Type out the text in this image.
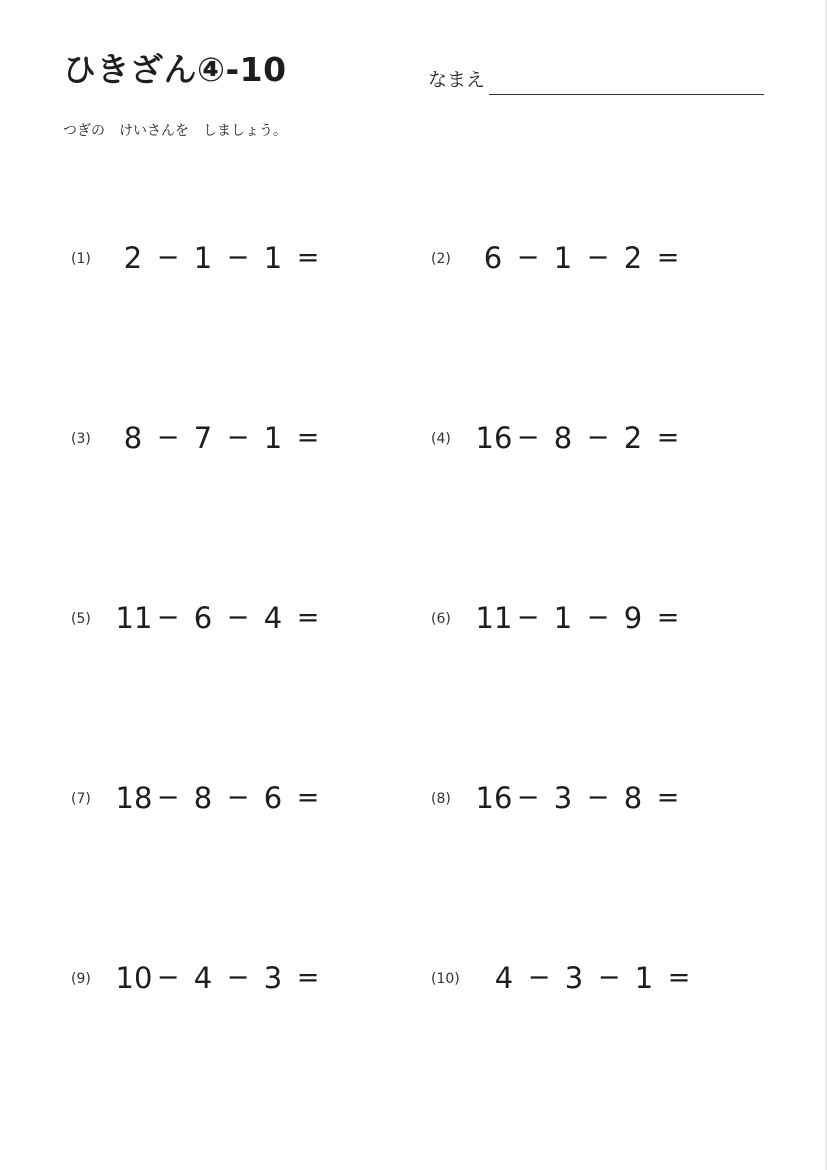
ひきざん④-10	なまえ
つぎの　けいさんを　しましょう。
(1) 2 − 1 − 1 =	(2) 6 − 1 − 2 =
(3) 8 − 7 − 1 =	(4) 16 − 8 − 2 =
(5) 11 − 6 − 4 =	(6) 11 − 1 − 9 =
(7) 18 − 8 − 6 =	(8) 16 − 3 − 8 =
(9) 10 − 4 − 3 =	(10) 4 − 3 − 1 =
